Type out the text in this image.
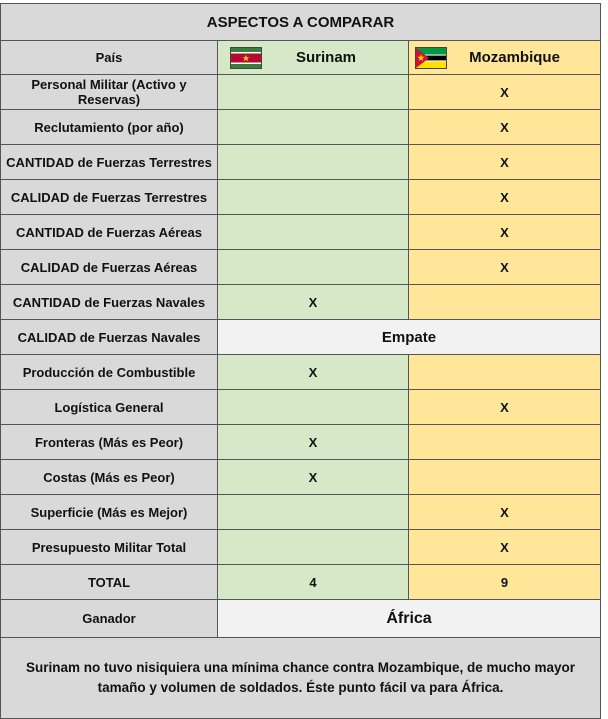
ASPECTOS A COMPARAR		
País	Surinam	Mozambique

Personal Militar (Activo y Reservas)		X
Reclutamiento (por año)		X
CANTIDAD de Fuerzas Terrestres		X
CALIDAD de Fuerzas Terrestres		X
CANTIDAD de Fuerzas Aéreas		X
CALIDAD de Fuerzas Aéreas		X
CANTIDAD de Fuerzas Navales	X	
CALIDAD de Fuerzas Navales	Empate	
Producción de Combustible	X	
Logística General		X
Fronteras (Más es Peor)	X	
Costas (Más es Peor)	X	
Superficie (Más es Mejor)		X
Presupuesto Militar Total		X
TOTAL	4	9
Ganador	África	
Surinam no tuvo nisiquiera una mínima chance contra Mozambique, de mucho mayor tamaño y volumen de soldados. Éste punto fácil va para África.		
